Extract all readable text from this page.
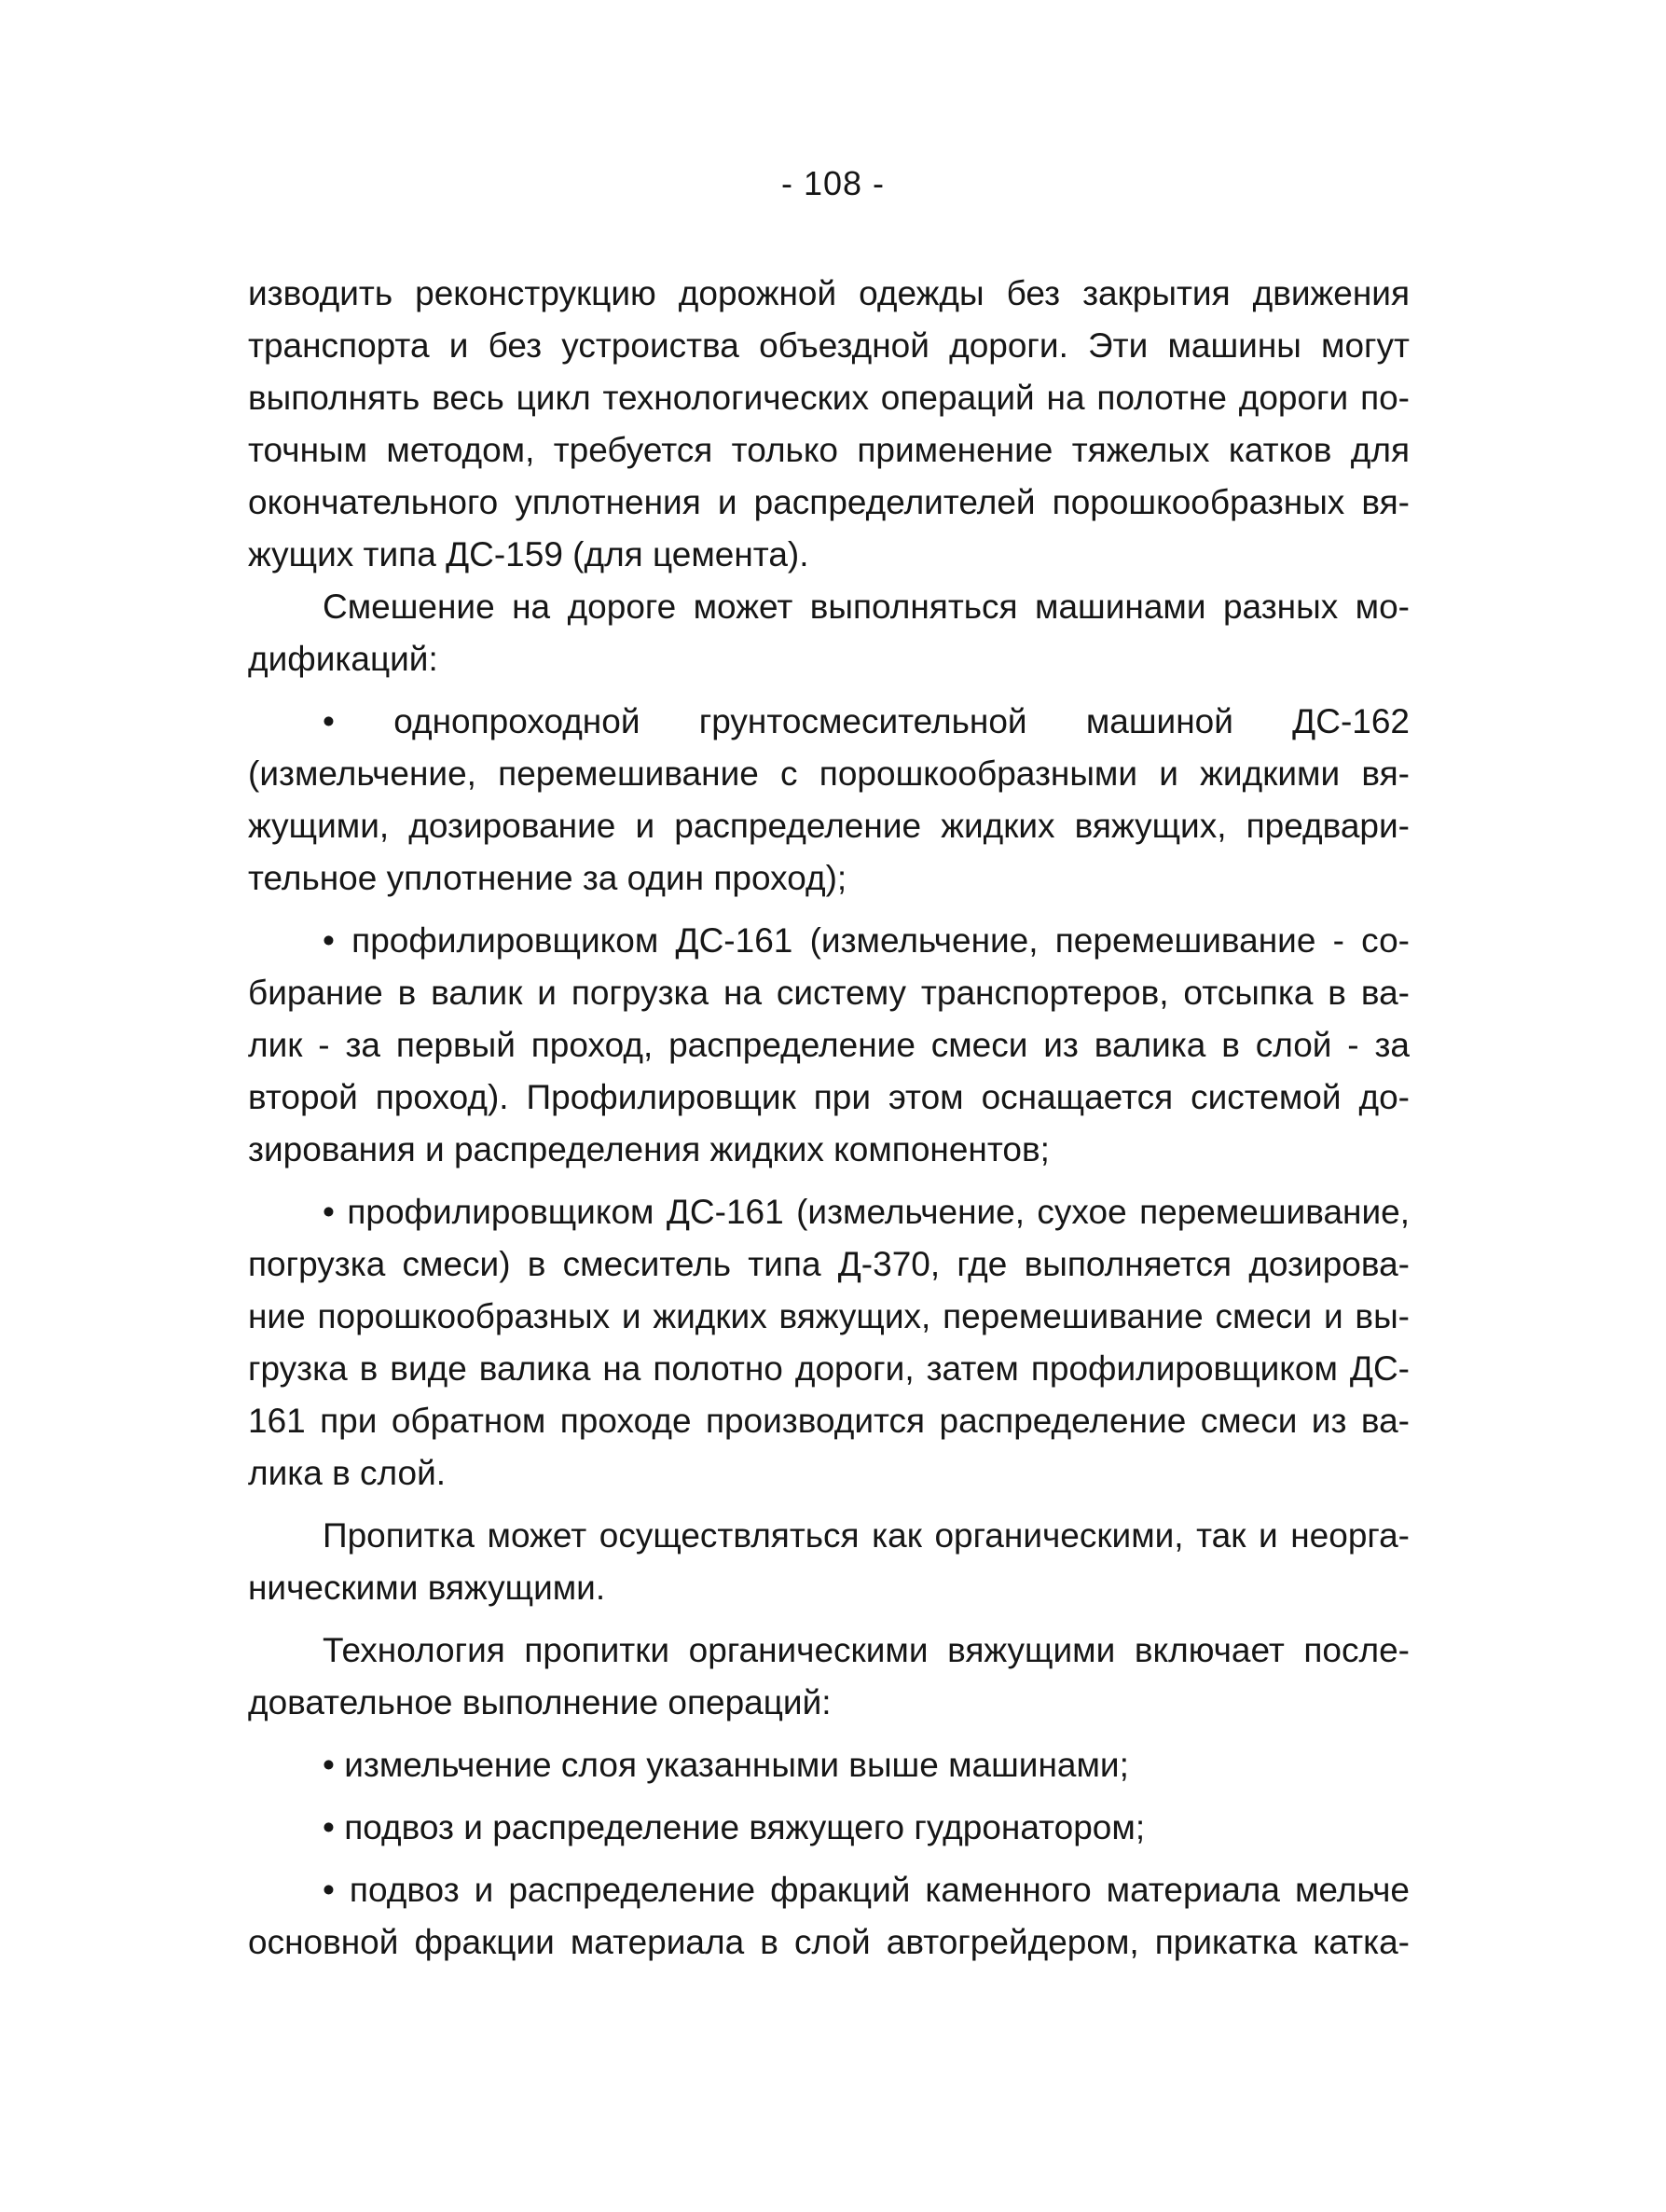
- 108 -
изводить реконструкцию дорожной одежды без закрытия движения
транспорта и без устроиства объездной дороги. Эти машины могут
выполнять весь цикл технологических операций на полотне дороги по-
точным методом, требуется только применение тяжелых катков для
окончательного уплотнения и распределителей порошкообразных вя-
жущих типа ДС-159 (для цемента).
Смешение на дороге может выполняться машинами разных мо-
дификаций:
• однопроходной грунтосмесительной машиной ДС-162
(измельчение, перемешивание с порошкообразными и жидкими вя-
жущими, дозирование и распределение жидких вяжущих, предвари-
тельное уплотнение за один проход);
• профилировщиком ДС-161 (измельчение, перемешивание - со-
бирание в валик и погрузка на систему транспортеров, отсыпка в ва-
лик - за первый проход, распределение смеси из валика в слой - за
второй проход). Профилировщик при этом оснащается системой до-
зирования и распределения жидких компонентов;
• профилировщиком ДС-161 (измельчение, сухое перемешивание,
погрузка смеси) в смеситель типа Д-370, где выполняется дозирова-
ние порошкообразных и жидких вяжущих, перемешивание смеси и вы-
грузка в виде валика на полотно дороги, затем профилировщиком ДС-
161 при обратном проходе производится распределение смеси из ва-
лика в слой.
Пропитка может осуществляться как органическими, так и неорга-
ническими вяжущими.
Технология пропитки органическими вяжущими включает после-
довательное выполнение операций:
• измельчение слоя указанными выше машинами;
• подвоз и распределение вяжущего гудронатором;
• подвоз и распределение фракций каменного материала мельче
основной фракции материала в слой автогрейдером, прикатка катка-
